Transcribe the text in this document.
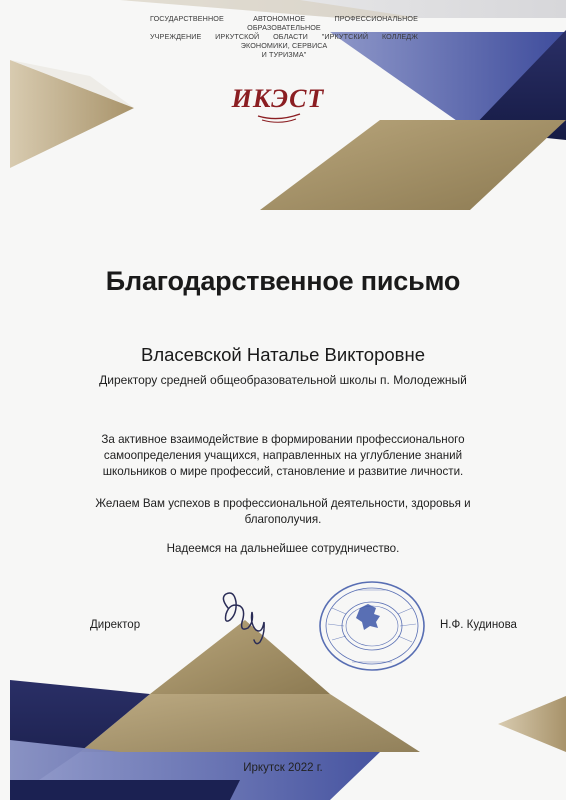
ГОСУДАРСТВЕННОЕ АВТОНОМНОЕ ПРОФЕССИОНАЛЬНОЕ ОБРАЗОВАТЕЛЬНОЕ
УЧРЕЖДЕНИЕ ИРКУТСКОЙ ОБЛАСТИ "ИРКУТСКИЙ КОЛЛЕДЖ ЭКОНОМИКИ, СЕРВИСА
И ТУРИЗМА"
ИКЭСТ
Благодарственное письмо
Власевской Наталье Викторовне
Директору средней общеобразовательной школы п. Молодежный
За активное взаимодействие в формировании профессионального самоопределения учащихся, направленных на углубление знаний школьников о мире профессий, становление и развитие личности.
Желаем Вам успехов в профессиональной деятельности, здоровья и благополучия.
Надеемся на дальнейшее сотрудничество.
Директор	Н.Ф. Кудинова
Иркутск 2022 г.
